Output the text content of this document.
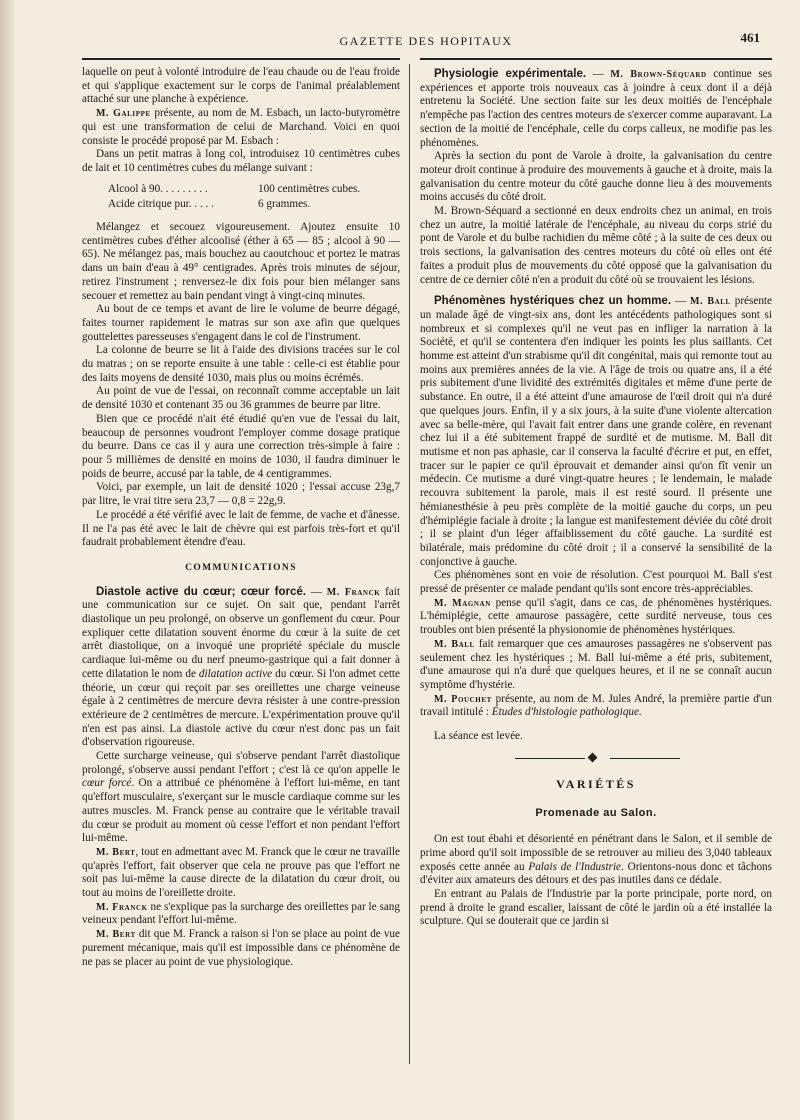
GAZETTE DES HOPITAUX	461

laquelle on peut à volonté introduire de l'eau chaude ou de l'eau froide et qui s'applique exactement sur le corps de l'animal préalablement attaché sur une planche à expérience.

M. Galippe présente, au nom de M. Esbach, un lacto-butyromètre qui est une transformation de celui de Marchand. Voici en quoi consiste le procédé proposé par M. Esbach :

Dans un petit matras à long col, introduisez 10 centimètres cubes de lait et 10 centimètres cubes du mélange suivant :

Alcool à 90. . . . . . . . .	100 centimètres cubes.
Acide citrique pur. . . . .	6 grammes.

Mélangez et secouez vigoureusement. Ajoutez ensuite 10 centimètres cubes d'éther alcoolisé (éther à 65 — 85 ; alcool à 90 — 65). Ne mélangez pas, mais bouchez au caoutchouc et portez le matras dans un bain d'eau à 49° centigrades. Après trois minutes de séjour, retirez l'instrument ; renversez-le dix fois pour bien mélanger sans secouer et remettez au bain pendant vingt à vingt-cinq minutes.

Au bout de ce temps et avant de lire le volume de beurre dégagé, faites tourner rapidement le matras sur son axe afin que quelques gouttelettes paresseuses s'engagent dans le col de l'instrument.

La colonne de beurre se lit à l'aide des divisions tracées sur le col du matras ; on se reporte ensuite à une table : celle-ci est établie pour des laits moyens de densité 1030, mais plus ou moins écrémés.

Au point de vue de l'essai, on reconnaît comme acceptable un lait de densité 1030 et contenant 35 ou 36 grammes de beurre par litre.

Bien que ce procédé n'ait été étudié qu'en vue de l'essai du lait, beaucoup de personnes voudront l'employer comme dosage pratique du beurre. Dans ce cas il y aura une correction très-simple à faire : pour 5 millièmes de densité en moins de 1030, il faudra diminuer le poids de beurre, accusé par la table, de 4 centigrammes.

Voici, par exemple, un lait de densité 1020 ; l'essai accuse 23g,7 par litre, le vrai titre sera 23,7 — 0,8 = 22g,9.

Le procédé a été vérifié avec le lait de femme, de vache et d'ânesse. Il ne l'a pas été avec le lait de chèvre qui est parfois très-fort et qu'il faudrait probablement étendre d'eau.

COMMUNICATIONS

Diastole active du cœur; cœur forcé. — M. Franck fait une communication sur ce sujet. On sait que, pendant l'arrêt diastolique un peu prolongé, on observe un gonflement du cœur. Pour expliquer cette dilatation souvent énorme du cœur à la suite de cet arrêt diastolique, on a invoqué une propriété spéciale du muscle cardiaque lui-même ou du nerf pneumo-gastrique qui a fait donner à cette dilatation le nom de dilatation active du cœur. Si l'on admet cette théorie, un cœur qui reçoit par ses oreillettes une charge veineuse égale à 2 centimètres de mercure devra résister à une contre-pression extérieure de 2 centimètres de mercure. L'expérimentation prouve qu'il n'en est pas ainsi. La diastole active du cœur n'est donc pas un fait d'observation rigoureuse.

Cette surcharge veineuse, qui s'observe pendant l'arrêt diastolique prolongé, s'observe aussi pendant l'effort ; c'est là ce qu'on appelle le cœur forcé. On a attribué ce phénomène à l'effort lui-même, en tant qu'effort musculaire, s'exerçant sur le muscle cardiaque comme sur les autres muscles. M. Franck pense au contraire que le véritable travail du cœur se produit au moment où cesse l'effort et non pendant l'effort lui-même.

M. Bert, tout en admettant avec M. Franck que le cœur ne travaille qu'après l'effort, fait observer que cela ne prouve pas que l'effort ne soit pas lui-même la cause directe de la dilatation du cœur droit, ou tout au moins de l'oreillette droite.

M. Franck ne s'explique pas la surcharge des oreillettes par le sang veineux pendant l'effort lui-même.

M. Bert dit que M. Franck a raison si l'on se place au point de vue purement mécanique, mais qu'il est impossible dans ce phénomène de ne pas se placer au point de vue physiologique.

Physiologie expérimentale. — M. Brown-Séquard continue ses expériences et apporte trois nouveaux cas à joindre à ceux dont il a déjà entretenu la Société. Une section faite sur les deux moitiés de l'encéphale n'empêche pas l'action des centres moteurs de s'exercer comme auparavant. La section de la moitié de l'encéphale, celle du corps calleux, ne modifie pas les phénomènes.

Après la section du pont de Varole à droite, la galvanisation du centre moteur droit continue à produire des mouvements à gauche et à droite, mais la galvanisation du centre moteur du côté gauche donne lieu à des mouvements moins accusés du côté droit.

M. Brown-Séquard a sectionné en deux endroits chez un animal, en trois chez un autre, la moitié latérale de l'encéphale, au niveau du corps strié du pont de Varole et du bulbe rachidien du même côté ; à la suite de ces deux ou trois sections, la galvanisation des centres moteurs du côté où elles ont été faites a produit plus de mouvements du côté opposé que la galvanisation du centre de ce dernier côté n'en a produit du côté où se trouvaient les lésions.

Phénomènes hystériques chez un homme. — M. Ball présente un malade âgé de vingt-six ans, dont les antécédents pathologiques sont si nombreux et si complexes qu'il ne veut pas en infliger la narration à la Société, et qu'il se contentera d'en indiquer les points les plus saillants. Cet homme est atteint d'un strabisme qu'il dit congénital, mais qui remonte tout au moins aux premières années de la vie. A l'âge de trois ou quatre ans, il a été pris subitement d'une lividité des extrémités digitales et même d'une perte de substance. En outre, il a été atteint d'une amaurose de l'œil droit qui n'a duré que quelques jours. Enfin, il y a six jours, à la suite d'une violente altercation avec sa belle-mère, qui l'avait fait entrer dans une grande colère, en revenant chez lui il a été subitement frappé de surdité et de mutisme. M. Ball dit mutisme et non pas aphasie, car il conserva la faculté d'écrire et put, en effet, tracer sur le papier ce qu'il éprouvait et demander ainsi qu'on fît venir un médecin. Ce mutisme a duré vingt-quatre heures ; le lendemain, le malade recouvra subitement la parole, mais il est resté sourd. Il présente une hémianesthésie à peu près complète de la moitié gauche du corps, un peu d'hémiplégie faciale à droite ; la langue est manifestement déviée du côté droit ; il se plaint d'un léger affaiblissement du côté gauche. La surdité est bilatérale, mais prédomine du côté droit ; il a conservé la sensibilité de la conjonctive à gauche.

Ces phénomènes sont en voie de résolution. C'est pourquoi M. Ball s'est pressé de présenter ce malade pendant qu'ils sont encore très-appréciables.

M. Magnan pense qu'il s'agit, dans ce cas, de phénomènes hystériques. L'hémiplégie, cette amaurose passagère, cette surdité nerveuse, tous ces troubles ont bien présenté la physionomie de phénomènes hystériques.

M. Ball fait remarquer que ces amauroses passagères ne s'observent pas seulement chez les hystériques ; M. Ball lui-même a été pris, subitement, d'une amaurose qui n'a duré que quelques heures, et il ne se connaît aucun symptôme d'hystérie.

M. Pouchet présente, au nom de M. Jules André, la première partie d'un travail intitulé : Études d'histologie pathologique.

La séance est levée.

VARIÉTÉS
Promenade au Salon.

On est tout ébahi et désorienté en pénétrant dans le Salon, et il semble de prime abord qu'il soit impossible de se retrouver au milieu des 3,040 tableaux exposés cette année au Palais de l'Industrie. Orientons-nous donc et tâchons d'éviter aux amateurs des détours et des pas inutiles dans ce dédale.

En entrant au Palais de l'Industrie par la porte principale, porte nord, on prend à droite le grand escalier, laissant de côté le jardin où a été installée la sculpture. Qui se douterait que ce jardin si
